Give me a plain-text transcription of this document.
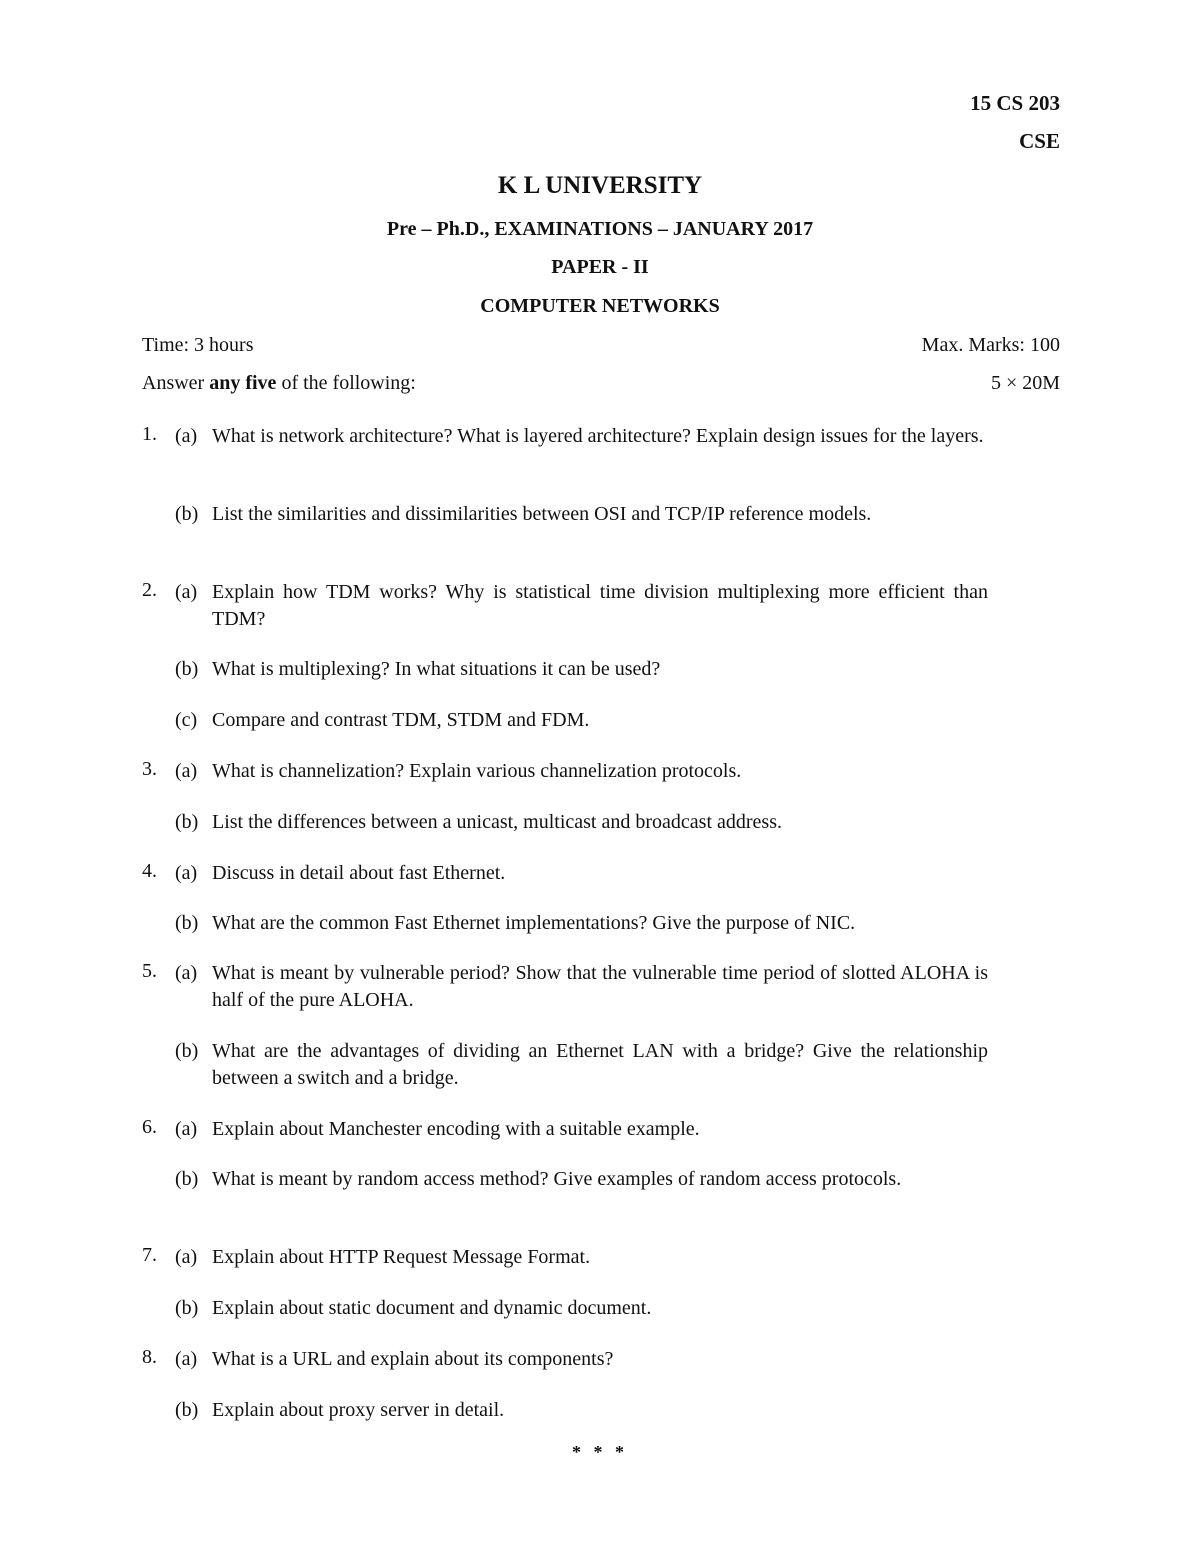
15 CS 203
CSE
K L UNIVERSITY
Pre – Ph.D., EXAMINATIONS – JANUARY 2017
PAPER - II
COMPUTER NETWORKS
Time: 3 hours	Max. Marks: 100
Answer any five of the following:	5 × 20M
1. (a) What is network architecture? What is layered architecture? Explain design issues for the layers.
(b) List the similarities and dissimilarities between OSI and TCP/IP reference models.
2. (a) Explain how TDM works? Why is statistical time division multiplexing more efficient than TDM?
(b) What is multiplexing? In what situations it can be used?
(c) Compare and contrast TDM, STDM and FDM.
3. (a) What is channelization? Explain various channelization protocols.
(b) List the differences between a unicast, multicast and broadcast address.
4. (a) Discuss in detail about fast Ethernet.
(b) What are the common Fast Ethernet implementations? Give the purpose of NIC.
5. (a) What is meant by vulnerable period? Show that the vulnerable time period of slotted ALOHA is half of the pure ALOHA.
(b) What are the advantages of dividing an Ethernet LAN with a bridge? Give the relationship between a switch and a bridge.
6. (a) Explain about Manchester encoding with a suitable example.
(b) What is meant by random access method? Give examples of random access protocols.
7. (a) Explain about HTTP Request Message Format.
(b) Explain about static document and dynamic document.
8. (a) What is a URL and explain about its components?
(b) Explain about proxy server in detail.
* * *
